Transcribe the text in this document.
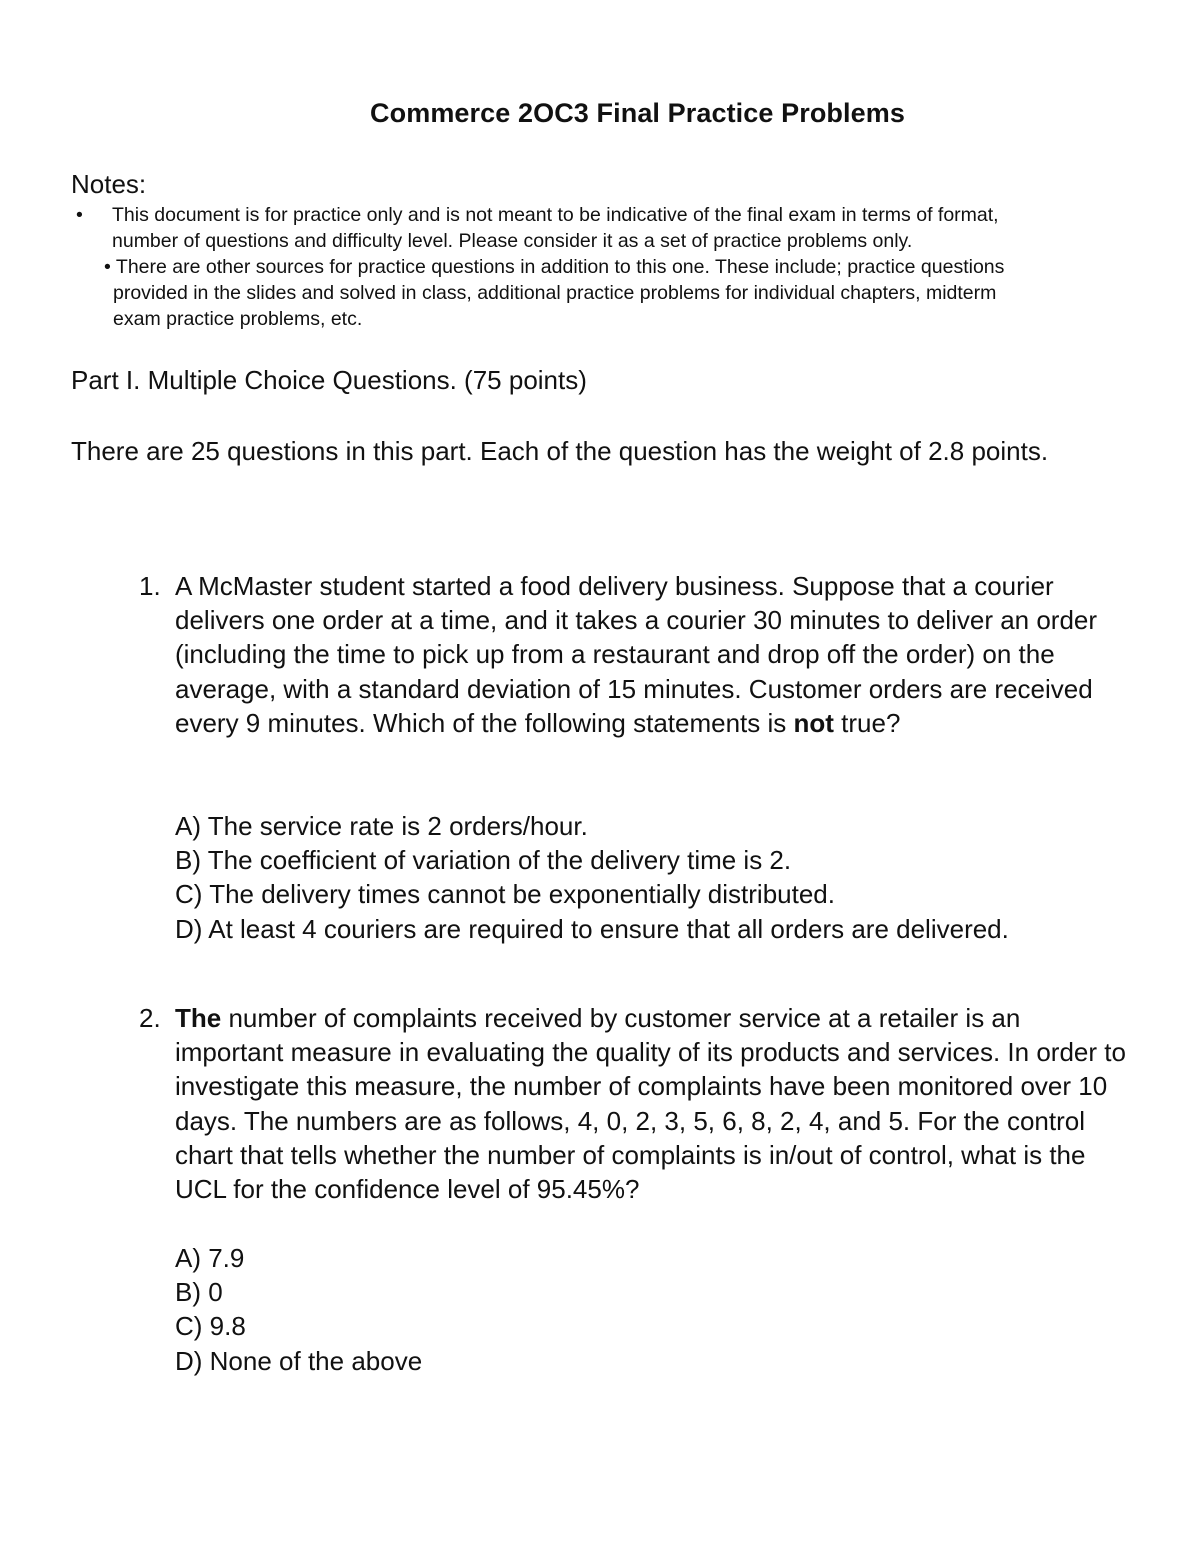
Commerce 2OC3 Final Practice Problems
Notes:
• This document is for practice only and is not meant to be indicative of the final exam in terms of format,
number of questions and difficulty level. Please consider it as a set of practice problems only.
• There are other sources for practice questions in addition to this one. These include; practice questions
provided in the slides and solved in class, additional practice problems for individual chapters, midterm
exam practice problems, etc.
Part I. Multiple Choice Questions. (75 points)
There are 25 questions in this part. Each of the question has the weight of 2.8 points.
1. A McMaster student started a food delivery business. Suppose that a courier delivers one order at a time, and it takes a courier 30 minutes to deliver an order (including the time to pick up from a restaurant and drop off the order) on the average, with a standard deviation of 15 minutes. Customer orders are received every 9 minutes. Which of the following statements is not true?
A) The service rate is 2 orders/hour.
B) The coefficient of variation of the delivery time is 2.
C) The delivery times cannot be exponentially distributed.
D) At least 4 couriers are required to ensure that all orders are delivered.
2. The number of complaints received by customer service at a retailer is an important measure in evaluating the quality of its products and services. In order to investigate this measure, the number of complaints have been monitored over 10 days. The numbers are as follows, 4, 0, 2, 3, 5, 6, 8, 2, 4, and 5. For the control chart that tells whether the number of complaints is in/out of control, what is the UCL for the confidence level of 95.45%?
A) 7.9
B) 0
C) 9.8
D) None of the above
